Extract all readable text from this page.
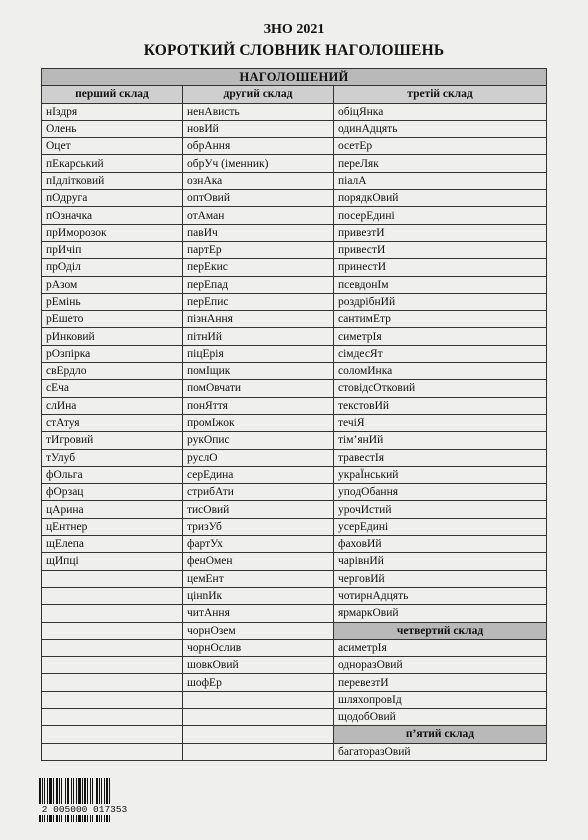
ЗНО 2021
КОРОТКИЙ СЛОВНИК НАГОЛОШЕНЬ
НАГОЛОШЕНИЙ		
перший склад	другий склад	третій склад
нІздря	ненАвисть	обіцЯнка
Олень	новИй	одинАдцять
Оцет	обрАння	осетЕр
пЕкарський	обрУч (іменник)	переЛяк
пІдлітковий	ознАка	піалА
пОдруга	оптОвий	порядкОвий
пОзначка	отАман	посерЕдині
прИморозок	павИч	привезтИ
прИчіп	партЕр	привестИ
прОділ	перЕкис	принестИ
рАзом	перЕпад	псевдонІм
рЕмінь	перЕпис	роздрібнИй
рЕшето	пізнАння	сантимЕтр
рИнковий	пітнИй	симетрІя
рОзпірка	піцЕрія	сімдесЯт
свЕрдло	помІщик	соломИнка
сЕча	помОвчати	стовідсОтковий
слИна	понЯття	текстовИй
стАтуя	промІжок	течіЯ
тИгровий	рукОпис	тім’янИй
тУлуб	руслО	травестІя
фОльга	серЕдина	украЇнський
фОрзац	стрибАти	уподОбання
цАрина	тисОвий	урочИстий
цЕнтнер	тризУб	усерЕдині
щЕлепа	фартУх	фаховИй
щИпці	фенОмен	чарівнИй
	цемЕнт	черговИй
	цінnИк	чотирнАдцять
	читАння	ярмаркОвий
	чорнОзем	четвертий склад
	чорнОслив	асиметрІя
	шовкОвий	одноразОвий
	шофЕр	перевезтИ
		шляхопровІд
		щодобОвий
		п’ятий склад
		багаторазОвий
2 005000 017353
